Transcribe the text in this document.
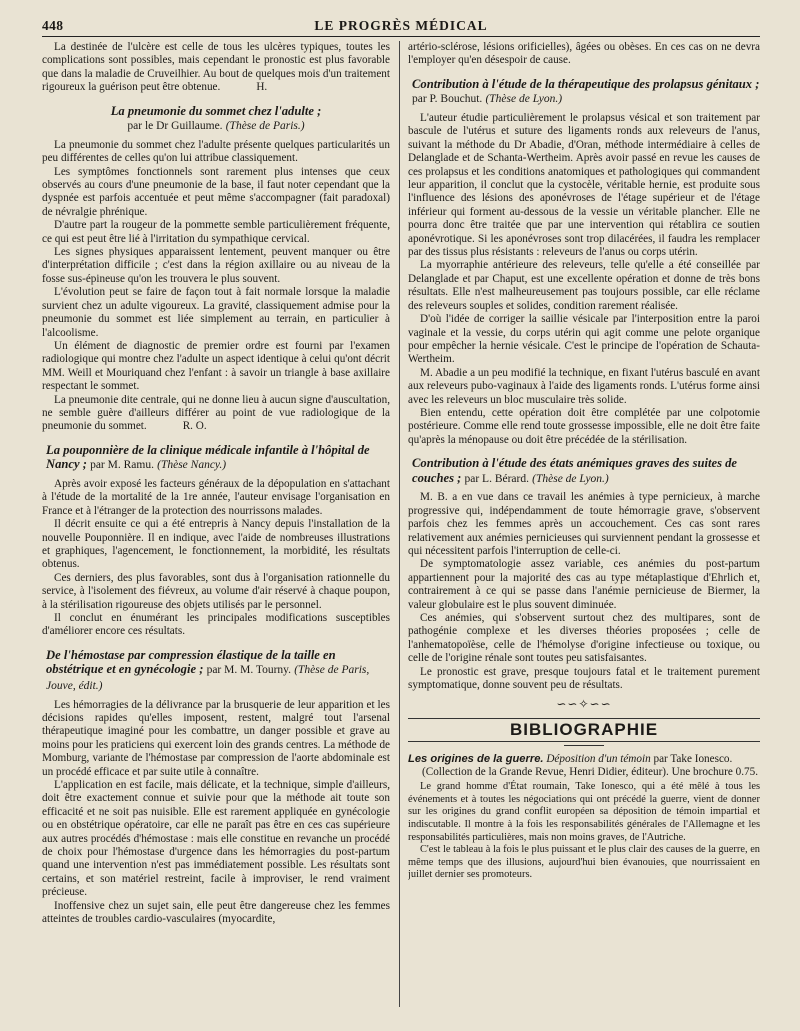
448	LE PROGRÈS MÉDICAL

La destinée de l'ulcère est celle de tous les ulcères typiques, toutes les complications sont possibles, mais cependant le pronostic est plus favorable que dans la maladie de Cruveilhier. Au bout de quelques mois d'un traitement rigoureux la guérison peut être obtenue.	H.

La pneumonie du sommet chez l'adulte ;
par le Dr Guillaume. (Thèse de Paris.)

La pneumonie du sommet chez l'adulte présente quelques particularités un peu différentes de celles qu'on lui attribue classiquement.

Les symptômes fonctionnels sont rarement plus intenses que ceux observés au cours d'une pneumonie de la base, il faut noter cependant que la dyspnée est parfois accentuée et peut même s'accompagner (fait paradoxal) de névralgie phrénique.

D'autre part la rougeur de la pommette semble particulièrement fréquente, ce qui est peut être lié à l'irritation du sympathique cervical.

Les signes physiques apparaissent lentement, peuvent manquer ou être d'interprétation difficile ; c'est dans la région axillaire ou au niveau de la fosse sus-épineuse qu'on les trouvera le plus souvent.

L'évolution peut se faire de façon tout à fait normale lorsque la maladie survient chez un adulte vigoureux. La gravité, classiquement admise pour la pneumonie du sommet est liée simplement au terrain, en particulier à l'alcoolisme.

Un élément de diagnostic de premier ordre est fourni par l'examen radiologique qui montre chez l'adulte un aspect identique à celui qu'ont décrit MM. Weill et Mouriquand chez l'enfant : à savoir un triangle à base axillaire respectant le sommet.

La pneumonie dite centrale, qui ne donne lieu à aucun signe d'auscultation, ne semble guère d'ailleurs différer au point de vue radiologique de la pneumonie du sommet.	R. O.

La pouponnière de la clinique médicale infantile à l'hôpital de Nancy ; par M. Ramu. (Thèse Nancy.)

Après avoir exposé les facteurs généraux de la dépopulation en s'attachant à l'étude de la mortalité de la 1re année, l'auteur envisage l'organisation en France et à l'étranger de la protection des nourrissons malades.

Il décrit ensuite ce qui a été entrepris à Nancy depuis l'installation de la nouvelle Pouponnière. Il en indique, avec l'aide de nombreuses illustrations et graphiques, l'agencement, le fonctionnement, la morbidité, les résultats obtenus.

Ces derniers, des plus favorables, sont dus à l'organisation rationnelle du service, à l'isolement des fiévreux, au volume d'air réservé à chaque poupon, à la stérilisation rigoureuse des objets utilisés par le personnel.

Il conclut en énumérant les principales modifications susceptibles d'améliorer encore ces résultats.

De l'hémostase par compression élastique de la taille en obstétrique et en gynécologie ; par M. M. Tourny. (Thèse de Paris, Jouve, édit.)

Les hémorragies de la délivrance par la brusquerie de leur apparition et les décisions rapides qu'elles imposent, restent, malgré tout l'arsenal thérapeutique imaginé pour les combattre, un danger possible et grave au moins pour les praticiens qui exercent loin des grands centres. La méthode de Momburg, variante de l'hémostase par compression de l'aorte abdominale est un procédé efficace et par suite utile à connaître.

L'application en est facile, mais délicate, et la technique, simple d'ailleurs, doit être exactement connue et suivie pour que la méthode ait toute son efficacité et ne soit pas nuisible. Elle est rarement appliquée en gynécologie ou en obstétrique opératoire, car elle ne paraît pas être en ces cas supérieure aux autres procédés d'hémostase : mais elle constitue en revanche un procédé de choix pour l'hémostase d'urgence dans les hémorragies du post-partum quand une intervention n'est pas immédiatement possible. Les résultats sont certains, et son matériel restreint, facile à improviser, le rend vraiment précieuse.

Inoffensive chez un sujet sain, elle peut être dangereuse chez les femmes atteintes de troubles cardio-vasculaires (myocardite,

artério-sclérose, lésions orificielles), âgées ou obèses. En ces cas on ne devra l'employer qu'en désespoir de cause.

Contribution à l'étude de la thérapeutique des prolapsus génitaux ; par P. Bouchut. (Thèse de Lyon.)

L'auteur étudie particulièrement le prolapsus vésical et son traitement par bascule de l'utérus et suture des ligaments ronds aux releveurs de l'anus, suivant la méthode du Dr Abadie, d'Oran, méthode intermédiaire à celles de Delanglade et de Schanta-Wertheim. Après avoir passé en revue les causes de ces prolapsus et les conditions anatomiques et pathologiques qui commandent leur apparition, il conclut que la cystocèle, véritable hernie, est produite sous l'influence des lésions des aponévroses de l'étage supérieur et de l'étage inférieur qui forment au-dessous de la vessie un véritable plancher. Elle ne pourra donc être traitée que par une intervention qui rétablira ce soutien aponévrotique. Si les aponévroses sont trop dilacérées, il faudra les remplacer par des tissus plus résistants : releveurs de l'anus ou corps utérin.

La myorraphie antérieure des releveurs, telle qu'elle a été conseillée par Delanglade et par Chaput, est une excellente opération et donne de très bons résultats. Elle n'est malheureusement pas toujours possible, car elle réclame des releveurs souples et solides, condition rarement réalisée.

D'où l'idée de corriger la saillie vésicale par l'interposition entre la paroi vaginale et la vessie, du corps utérin qui agit comme une pelote organique pour empêcher la hernie vésicale. C'est le principe de l'opération de Schauta-Wertheim.

M. Abadie a un peu modifié la technique, en fixant l'utérus basculé en avant aux releveurs pubo-vaginaux à l'aide des ligaments ronds. L'utérus forme ainsi avec les releveurs un bloc musculaire très solide.

Bien entendu, cette opération doit être complétée par une colpotomie postérieure. Comme elle rend toute grossesse impossible, elle ne doit être faite qu'après la ménopause ou doit être précédée de la stérilisation.

Contribution à l'étude des états anémiques graves des suites de couches ; par L. Bérard. (Thèse de Lyon.)

M. B. a en vue dans ce travail les anémies à type pernicieux, à marche progressive qui, indépendamment de toute hémorragie grave, s'observent parfois chez les femmes après un accouchement. Ces cas sont rares relativement aux anémies pernicieuses qui surviennent pendant la grossesse et qui nécessitent parfois l'interruption de celle-ci.

De symptomatologie assez variable, ces anémies du post-partum appartiennent pour la majorité des cas au type métaplastique d'Ehrlich et, contrairement à ce qui se passe dans l'anémie pernicieuse de Biermer, la valeur globulaire est le plus souvent diminuée.

Ces anémies, qui s'observent surtout chez des multipares, sont de pathogénie complexe et les diverses théories proposées ; celle de l'anhematopoïèse, celle de l'hémolyse d'origine infectieuse ou toxique, ou celle de l'origine rénale sont toutes peu satisfaisantes.

Le pronostic est grave, presque toujours fatal et le traitement purement symptomatique, donne souvent peu de résultats.

∽∽✧∽∽
BIBLIOGRAPHIE
Les origines de la guerre. Déposition d'un témoin par Take Ionesco. (Collection de la Grande Revue, Henri Didier, éditeur). Une brochure 0.75.

Le grand homme d'État roumain, Take Ionesco, qui a été mêlé à tous les événements et à toutes les négociations qui ont précédé la guerre, vient de donner sur les origines du grand conflit européen sa déposition de témoin impartial et indiscutable. Il montre à la fois les responsabilités générales de l'Allemagne et les responsabilités particulières, mais non moins graves, de l'Autriche.

C'est le tableau à la fois le plus puissant et le plus clair des causes de la guerre, en même temps que des illusions, aujourd'hui bien évanouies, que nourrissaient en juillet dernier ses promoteurs.
